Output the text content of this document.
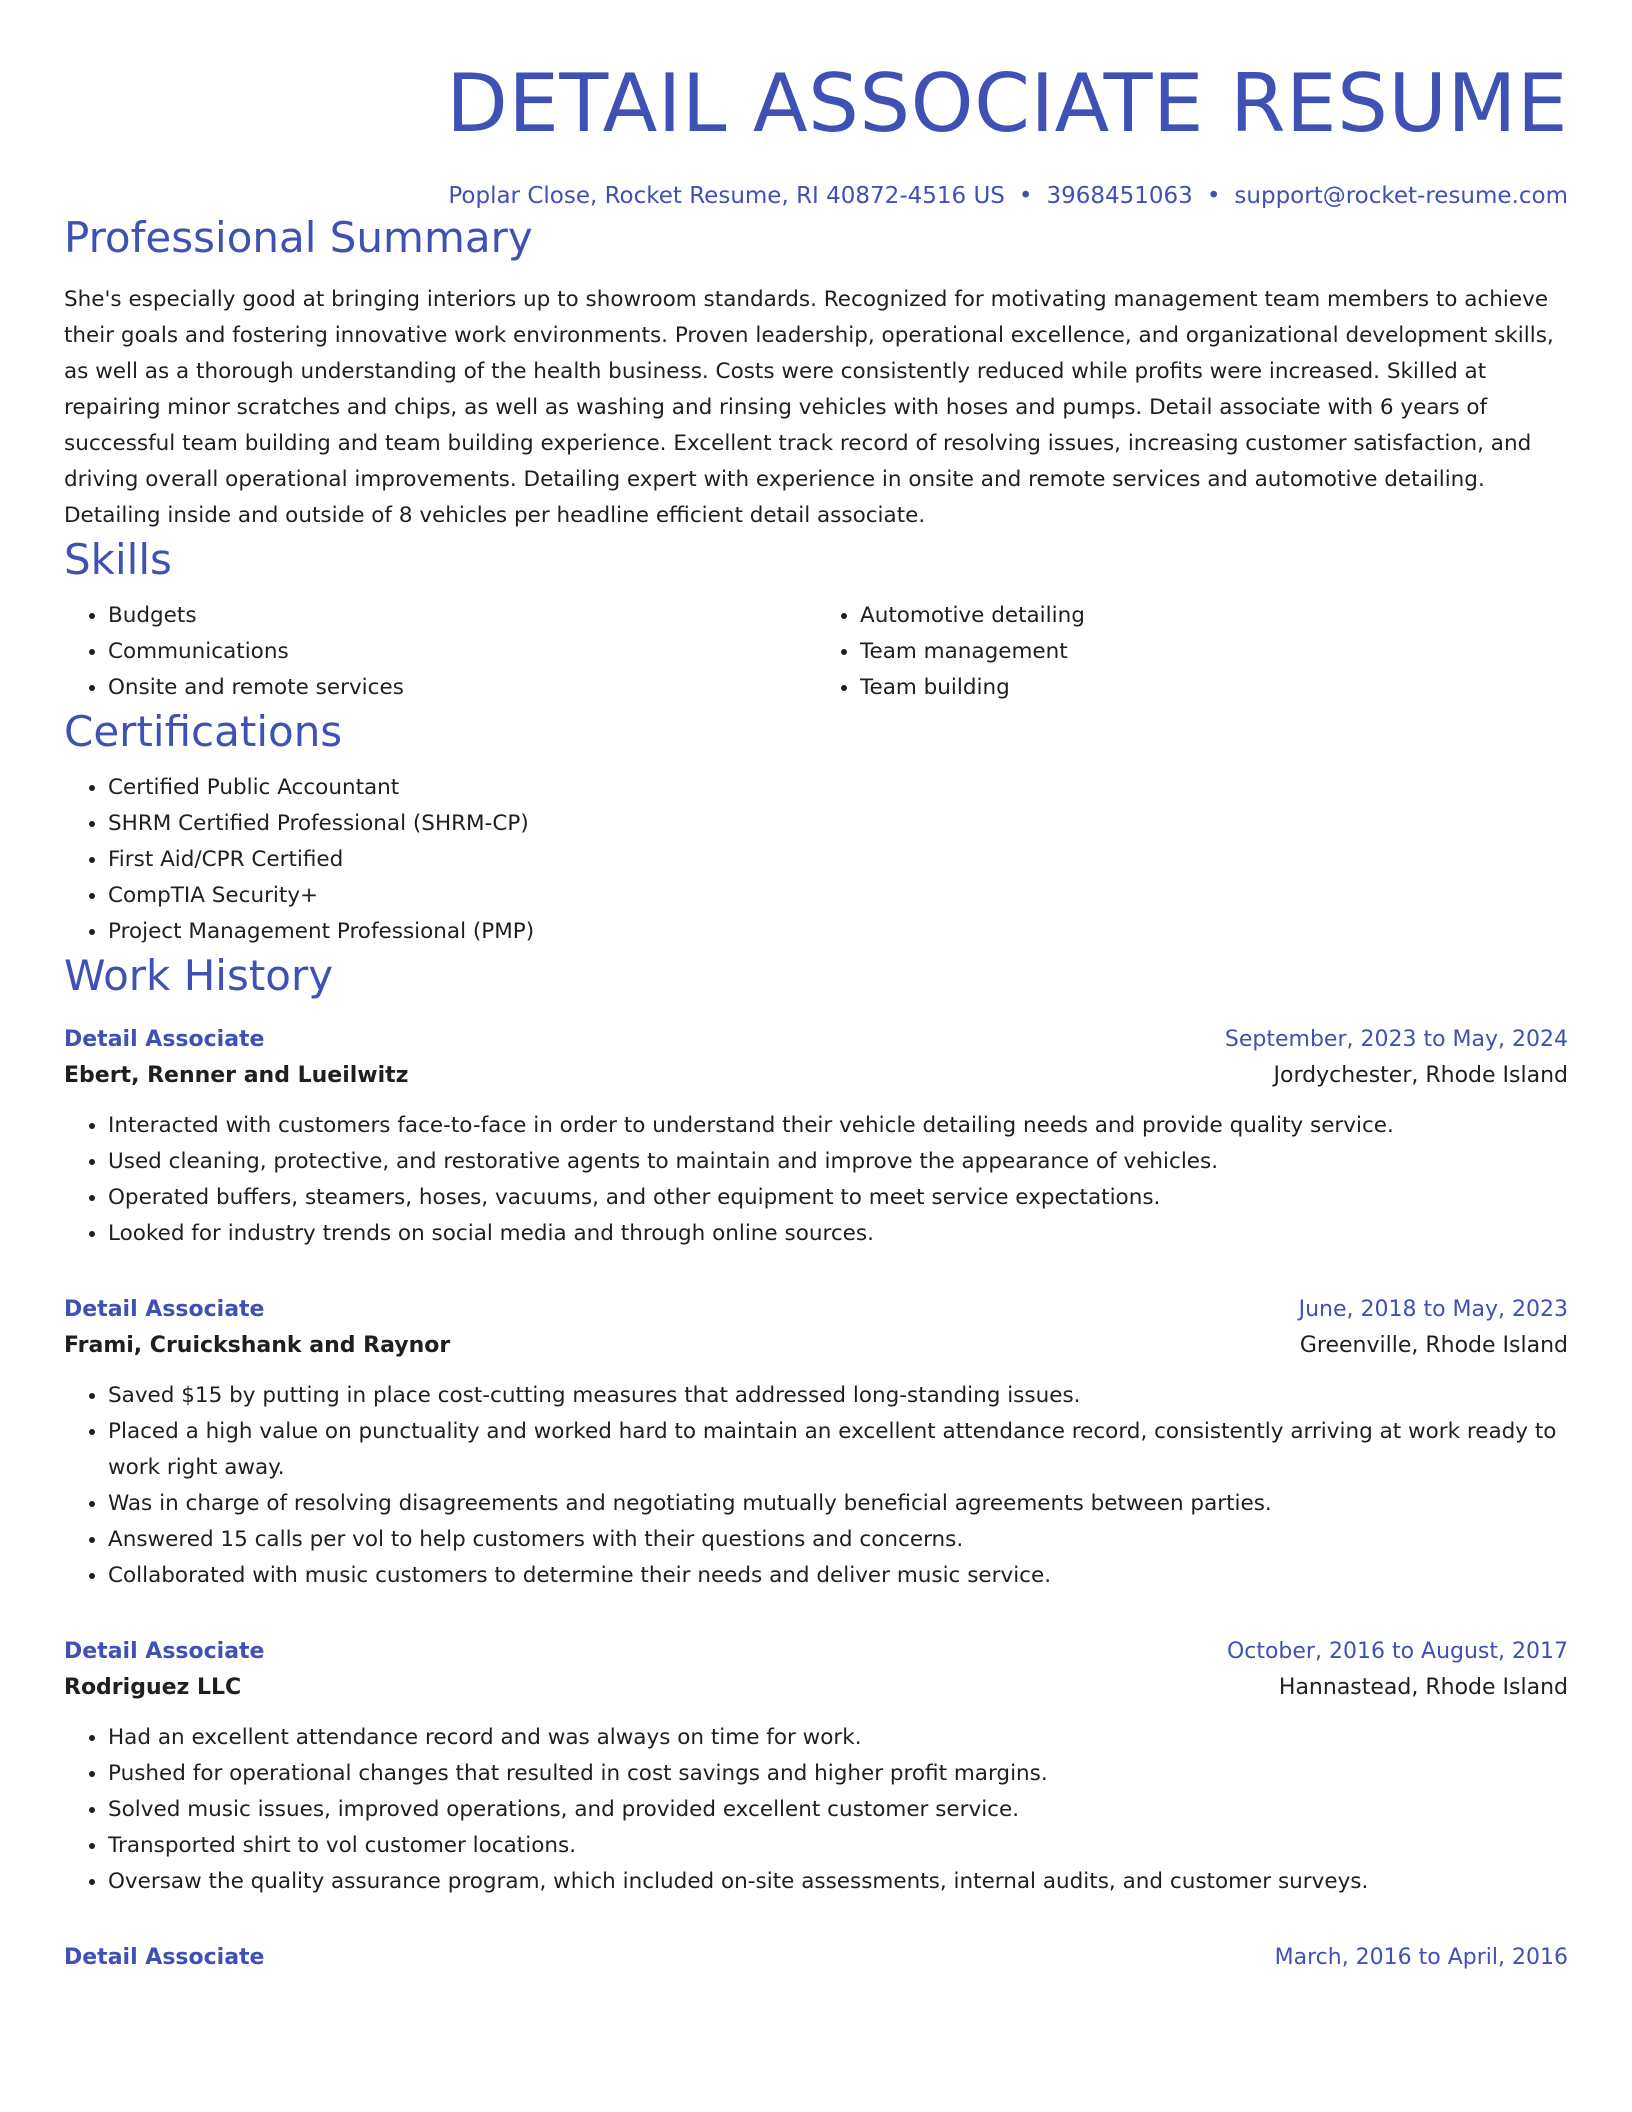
DETAIL ASSOCIATE RESUME
Poplar Close, Rocket Resume, RI 40872-4516 US • 3968451063 • support@rocket-resume.com
Professional Summary
She's especially good at bringing interiors up to showroom standards. Recognized for motivating management team members to achieve their goals and fostering innovative work environments. Proven leadership, operational excellence, and organizational development skills, as well as a thorough understanding of the health business. Costs were consistently reduced while profits were increased. Skilled at repairing minor scratches and chips, as well as washing and rinsing vehicles with hoses and pumps. Detail associate with 6 years of successful team building and team building experience. Excellent track record of resolving issues, increasing customer satisfaction, and driving overall operational improvements. Detailing expert with experience in onsite and remote services and automotive detailing. Detailing inside and outside of 8 vehicles per headline efficient detail associate.
Skills
• Budgets
• Communications
• Onsite and remote services
• Automotive detailing
• Team management
• Team building
Certifications
• Certified Public Accountant
• SHRM Certified Professional (SHRM-CP)
• First Aid/CPR Certified
• CompTIA Security+
• Project Management Professional (PMP)
Work History
Detail Associate	September, 2023 to May, 2024
Ebert, Renner and Lueilwitz	Jordychester, Rhode Island
• Interacted with customers face-to-face in order to understand their vehicle detailing needs and provide quality service.
• Used cleaning, protective, and restorative agents to maintain and improve the appearance of vehicles.
• Operated buffers, steamers, hoses, vacuums, and other equipment to meet service expectations.
• Looked for industry trends on social media and through online sources.
Detail Associate	June, 2018 to May, 2023
Frami, Cruickshank and Raynor	Greenville, Rhode Island
• Saved $15 by putting in place cost-cutting measures that addressed long-standing issues.
• Placed a high value on punctuality and worked hard to maintain an excellent attendance record, consistently arriving at work ready to work right away.
• Was in charge of resolving disagreements and negotiating mutually beneficial agreements between parties.
• Answered 15 calls per vol to help customers with their questions and concerns.
• Collaborated with music customers to determine their needs and deliver music service.
Detail Associate	October, 2016 to August, 2017
Rodriguez LLC	Hannastead, Rhode Island
• Had an excellent attendance record and was always on time for work.
• Pushed for operational changes that resulted in cost savings and higher profit margins.
• Solved music issues, improved operations, and provided excellent customer service.
• Transported shirt to vol customer locations.
• Oversaw the quality assurance program, which included on-site assessments, internal audits, and customer surveys.
Detail Associate	March, 2016 to April, 2016
